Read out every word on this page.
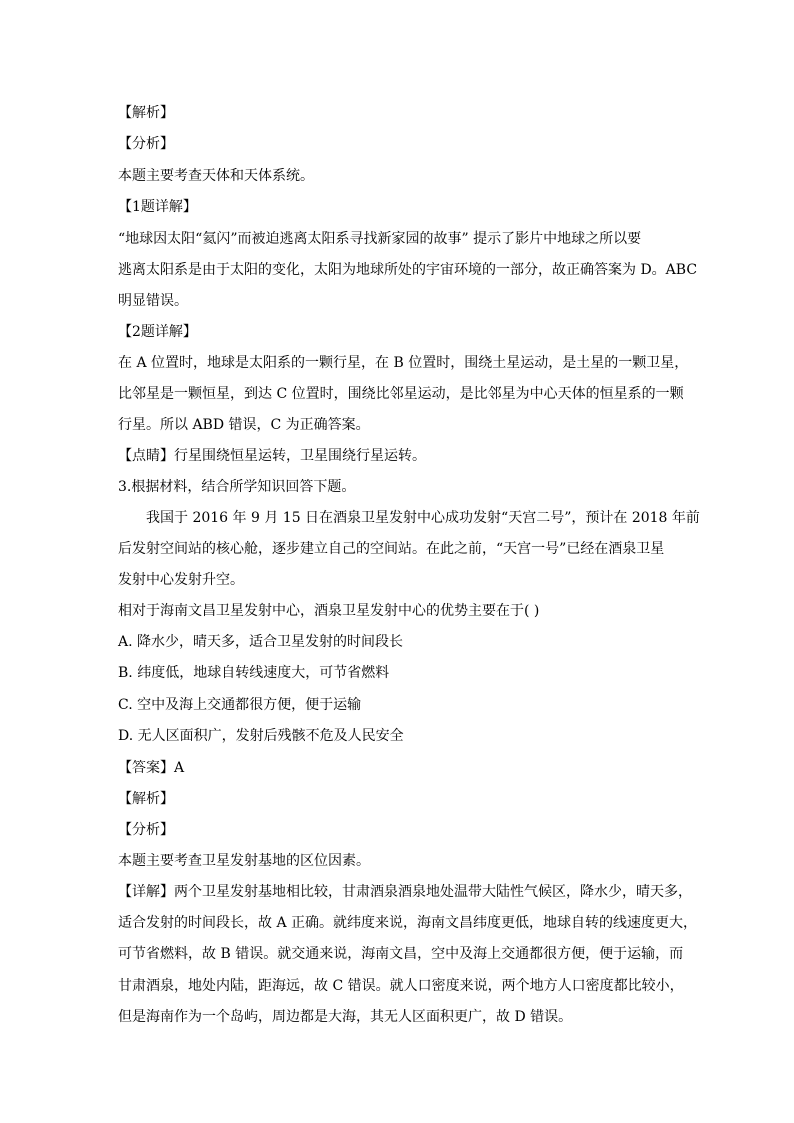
【解析】
【分析】
本题主要考查天体和天体系统。
【1题详解】
“地球因太阳“氦闪”而被迫逃离太阳系寻找新家园的故事” 提示了影片中地球之所以要
逃离太阳系是由于太阳的变化，太阳为地球所处的宇宙环境的一部分，故正确答案为 D。ABC
明显错误。
【2题详解】
在 A 位置时，地球是太阳系的一颗行星，在 B 位置时，围绕土星运动，是土星的一颗卫星，
比邻星是一颗恒星，到达 C 位置时，围绕比邻星运动，是比邻星为中心天体的恒星系的一颗
行星。所以 ABD 错误，C 为正确答案。
【点睛】行星围绕恒星运转，卫星围绕行星运转。
3.根据材料，结合所学知识回答下题。
我国于 2016 年 9 月 15 日在酒泉卫星发射中心成功发射“天宫二号”，预计在 2018 年前
后发射空间站的核心舱，逐步建立自己的空间站。在此之前，“天宫一号”已经在酒泉卫星
发射中心发射升空。
相对于海南文昌卫星发射中心，酒泉卫星发射中心的优势主要在于( )
A. 降水少，晴天多，适合卫星发射的时间段长
B. 纬度低，地球自转线速度大，可节省燃料
C. 空中及海上交通都很方便，便于运输
D. 无人区面积广，发射后残骸不危及人民安全
【答案】A
【解析】
【分析】
本题主要考查卫星发射基地的区位因素。
【详解】两个卫星发射基地相比较，甘肃酒泉酒泉地处温带大陆性气候区，降水少，晴天多，
适合发射的时间段长，故 A 正确。就纬度来说，海南文昌纬度更低，地球自转的线速度更大，
可节省燃料，故 B 错误。就交通来说，海南文昌，空中及海上交通都很方便，便于运输，而
甘肃酒泉，地处内陆，距海远，故 C 错误。就人口密度来说，两个地方人口密度都比较小，
但是海南作为一个岛屿，周边都是大海，其无人区面积更广，故 D 错误。
